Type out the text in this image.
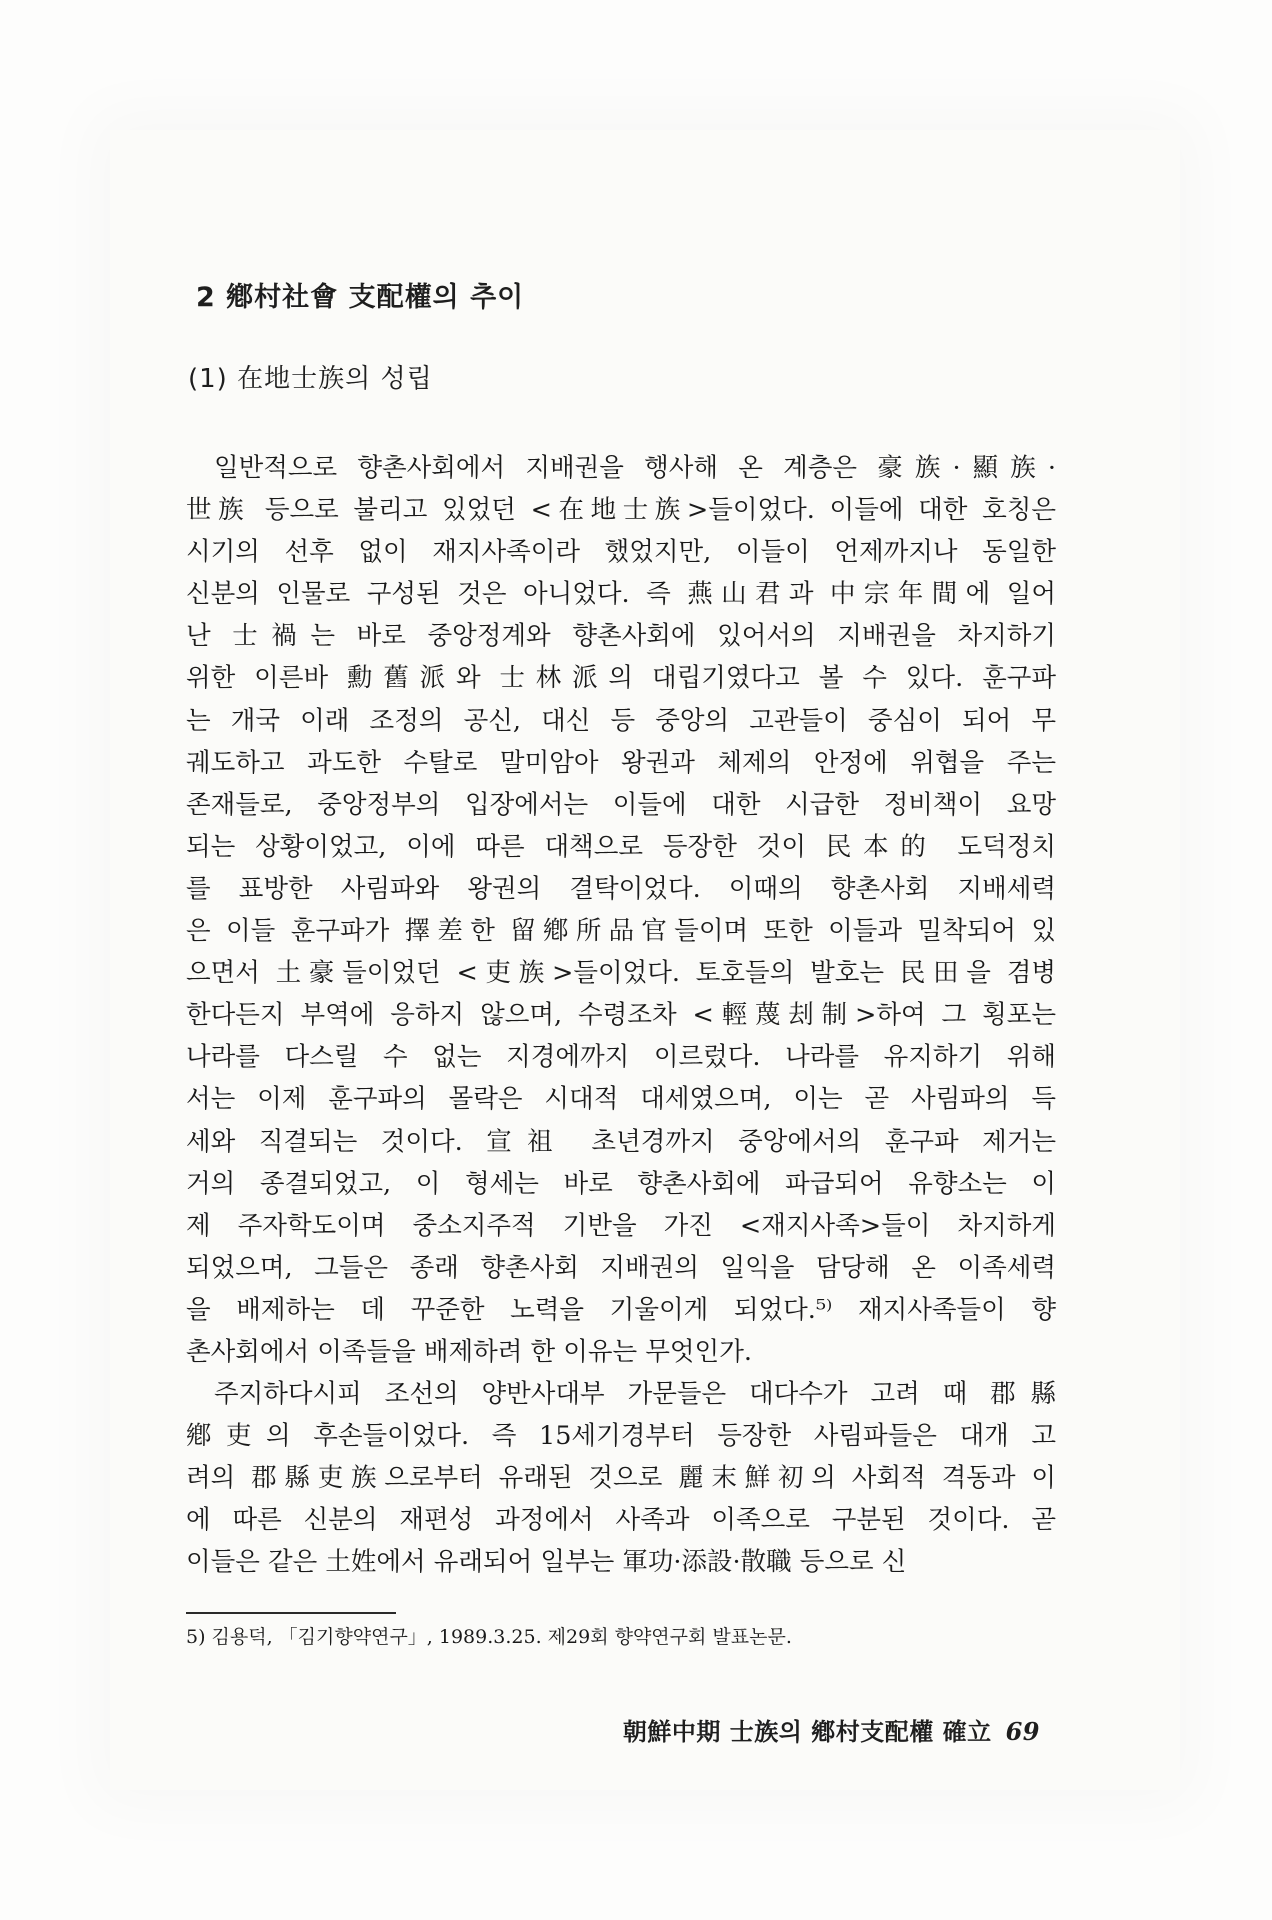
2 鄕村社會 支配權의 추이
(1) 在地士族의 성립
일반적으로 향촌사회에서 지배권을 행사해 온 계층은 豪族·顯族·
世族 등으로 불리고 있었던 <在地士族>들이었다. 이들에 대한 호칭은
시기의 선후 없이 재지사족이라 했었지만, 이들이 언제까지나 동일한
신분의 인물로 구성된 것은 아니었다. 즉 燕山君과 中宗年間에 일어
난 士禍는 바로 중앙정계와 향촌사회에 있어서의 지배권을 차지하기
위한 이른바 勳舊派와 士林派의 대립기였다고 볼 수 있다. 훈구파
는 개국 이래 조정의 공신, 대신 등 중앙의 고관들이 중심이 되어 무
궤도하고 과도한 수탈로 말미암아 왕권과 체제의 안정에 위협을 주는
존재들로, 중앙정부의 입장에서는 이들에 대한 시급한 정비책이 요망
되는 상황이었고, 이에 따른 대책으로 등장한 것이 民本的 도덕정치
를 표방한 사림파와 왕권의 결탁이었다. 이때의 향촌사회 지배세력
은 이들 훈구파가 擇差한 留鄕所品官들이며 또한 이들과 밀착되어 있
으면서 土豪들이었던 <吏族>들이었다. 토호들의 발호는 民田을 겸병
한다든지 부역에 응하지 않으며, 수령조차 <輕蔑刦制>하여 그 횡포는
나라를 다스릴 수 없는 지경에까지 이르렀다. 나라를 유지하기 위해
서는 이제 훈구파의 몰락은 시대적 대세였으며, 이는 곧 사림파의 득
세와 직결되는 것이다. 宣祖 초년경까지 중앙에서의 훈구파 제거는
거의 종결되었고, 이 형세는 바로 향촌사회에 파급되어 유향소는 이
제 주자학도이며 중소지주적 기반을 가진 <재지사족>들이 차지하게
되었으며, 그들은 종래 향촌사회 지배권의 일익을 담당해 온 이족세력
을 배제하는 데 꾸준한 노력을 기울이게 되었다.⁵⁾ 재지사족들이 향
촌사회에서 이족들을 배제하려 한 이유는 무엇인가.
주지하다시피 조선의 양반사대부 가문들은 대다수가 고려 때 郡縣
鄕吏의 후손들이었다. 즉 15세기경부터 등장한 사림파들은 대개 고
려의 郡縣吏族으로부터 유래된 것으로 麗末鮮初의 사회적 격동과 이
에 따른 신분의 재편성 과정에서 사족과 이족으로 구분된 것이다. 곧
이들은 같은 土姓에서 유래되어 일부는 軍功·添設·散職 등으로 신

5) 김용덕, 「김기향약연구」, 1989.3.25. 제29회 향약연구회 발표논문.

朝鮮中期 士族의 鄕村支配權 確立 69
